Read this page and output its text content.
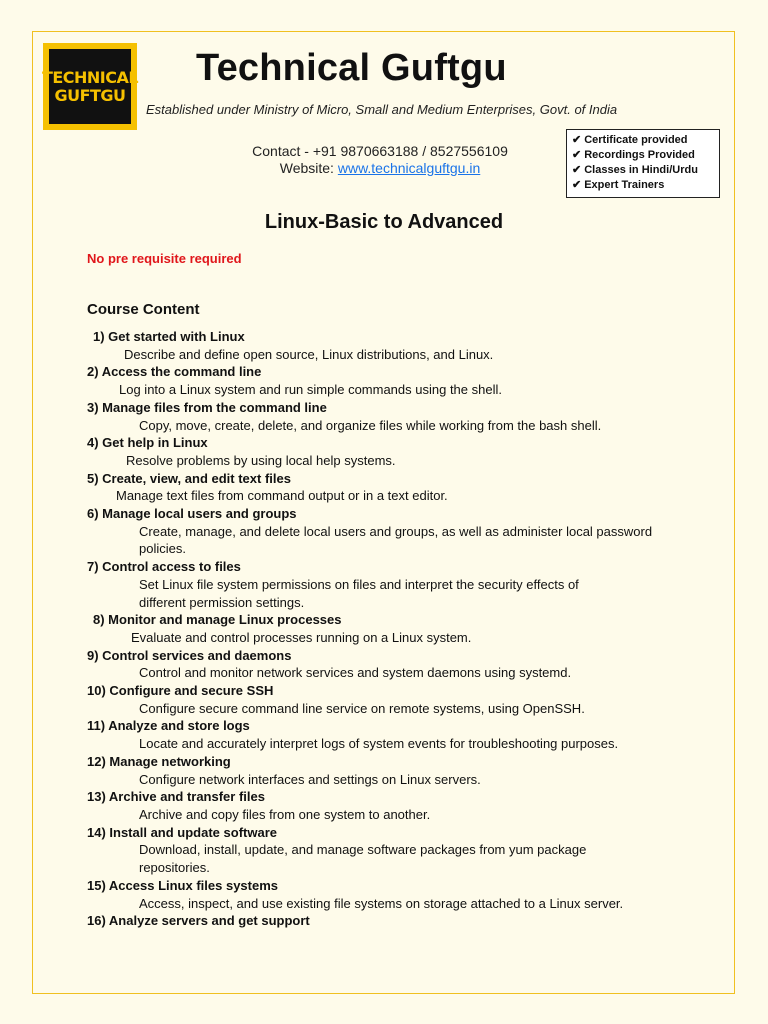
TECHNICAL
GUFTGU
Technical Guftgu
Established under Ministry of Micro, Small and Medium Enterprises, Govt. of India
Contact - +91 9870663188 / 8527556109
Website: www.technicalguftgu.in
✔ Certificate provided
✔ Recordings Provided
✔ Classes in Hindi/Urdu
✔ Expert Trainers
Linux-Basic to Advanced
No pre requisite required
Course Content
1) Get started with Linux
Describe and define open source, Linux distributions, and Linux.
2) Access the command line
Log into a Linux system and run simple commands using the shell.
3) Manage files from the command line
Copy, move, create, delete, and organize files while working from the bash shell.
4) Get help in Linux
Resolve problems by using local help systems.
5) Create, view, and edit text files
Manage text files from command output or in a text editor.
6) Manage local users and groups
Create, manage, and delete local users and groups, as well as administer local password policies.
7) Control access to files
Set Linux file system permissions on files and interpret the security effects of different permission settings.
8) Monitor and manage Linux processes
Evaluate and control processes running on a Linux system.
9) Control services and daemons
Control and monitor network services and system daemons using systemd.
10) Configure and secure SSH
Configure secure command line service on remote systems, using OpenSSH.
11) Analyze and store logs
Locate and accurately interpret logs of system events for troubleshooting purposes.
12) Manage networking
Configure network interfaces and settings on Linux servers.
13) Archive and transfer files
Archive and copy files from one system to another.
14) Install and update software
Download, install, update, and manage software packages from yum package repositories.
15) Access Linux files systems
Access, inspect, and use existing file systems on storage attached to a Linux server.
16) Analyze servers and get support
